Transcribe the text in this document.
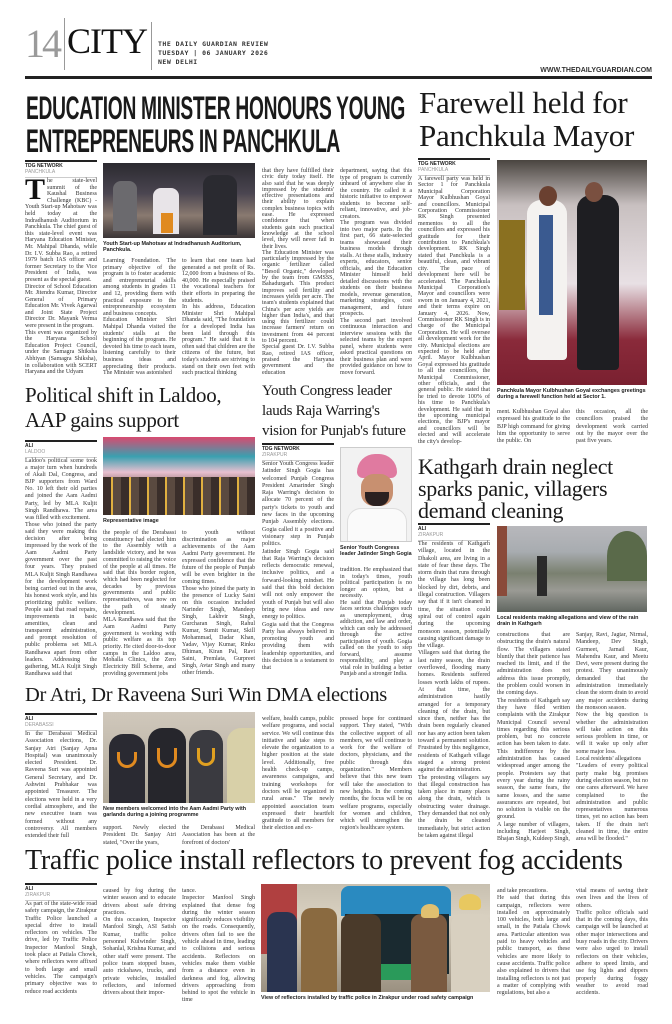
14 CITY THE DAILY GUARDIAN REVIEW
TUESDAY | 06 JANUARY 2026
NEW DELHI
WWW.THEDAILYGUARDIAN.COM
EDUCATION MINISTER HONOURS YOUNG
ENTREPRENEURS IN PANCHKULA
TDG NETWORK
PANCHKULA
The state-level summit of the Kaushal Business Challenge (KBC) - Youth Start-up Mahotsav was held today at the Indradhanush Auditorium in Panchkula. The chief guest of this state-level event was Haryana Education Minister, Mr. Mahipal Dhanda, while Dr. I.V. Subba Rao, a retired 1979 batch IAS officer and former Secretary to the Vice President of India, was present as the special guest.
Director of School Education Mr. Jitendra Kumar, Director General of Primary Education Mr. Vivek Agarwal and Joint State Project Director Dr. Mayank Verma were present in the program.
This event was organized by the Haryana School Education Project Council, under the Samagra Shiksha Abhiyan (Samagra Shiksha), in collaboration with SCERT Haryana and the Udyam
Youth Start-up Mahotsav at Indradhanush Auditorium, Panchkula.
Learning Foundation. The primary objective of the program is to foster academic and entrepreneurial skills among students in grades 11 and 12, providing them with practical exposure to the entrepreneurship ecosystem and business concepts.
Education Minister Shri Mahipal Dhanda visited the students' stalls at the beginning of the program. He devoted his time to each team, listening carefully to their business ideas and appreciating their products. The Minister was astonished
to learn that one team had generated a net profit of Rs. 12,000 from a business of Rs. 40,000. He especially praised the vocational teachers for their efforts in preparing the students.
In his address, Education Minister Shri Mahipal Dhanda said, "The foundation for a developed India has been laid through this program." He said that it is often said that children are the citizens of the future, but today's students are striving to stand on their own feet with such practical thinking
that they have fulfilled their civic duty today itself. He also said that he was deeply impressed by the students' effective presentations and their ability to explain complex business topics with ease. He expressed confidence that when students gain such practical knowledge at the school level, they will never fail in their lives.
The Education Minister was particularly impressed by the organic fertilizer called "Besoil Organic," developed by the team from GMSSS, Bahadurgarh. This product improves soil fertility and increases yields per acre. The team's students explained that China's per acre yields are higher than India's, and that using this fertilizer could increase farmers' return on investment from 44 percent to 104 percent.
Special guest Dr. I.V. Subba Rao, retired IAS officer, praised the Haryana government and the education
department, saying that this type of program is currently unheard of anywhere else in the country. He called it a historic initiative to empower students to become self-reliant, innovative, and job-creators.
The program was divided into two major parts. In the first part, 66 state-selected teams showcased their business models through stalls. At these stalls, industry experts, educators, senior officials, and the Education Minister himself held detailed discussions with the students on their business models, revenue generation, marketing strategies, cost management, and future prospects.
The second part involved continuous interaction and interview sessions with the selected teams by the expert panel, where students were asked practical questions on their business plan and were provided guidance on how to move forward.
Farewell held for
Panchkula Mayor
TDG NETWORK
PANCHKULA
A farewell party was held in Sector 1 for Panchkula Municipal Corporation Mayor Kulbhushan Goyal and councillors. Municipal Corporation Commissioner RK Singh presented mementos to all the councillors and expressed his gratitude for their contribution to Panchkula's development. RK Singh stated that Panchkula is a beautiful, clean, and vibrant city. The pace of development here will be accelerated. The Panchkula Municipal Corporation's Mayor and councillors were sworn in on January 4, 2021, and their terms expire on January 4, 2026. Now, Commissioner RK Singh is in charge of the Municipal Corporation. He will oversee all development work for the city. Municipal elections are expected to be held after April. Mayor Kulbhushan Goyal expressed his gratitude to all the councillors, the Municipal Commissioner, other officials, and the general public. He stated that he tried to devote 100% of his time to Panchkula's development. He said that in the upcoming municipal elections, the BJP's mayor and councillors will be elected and will accelerate the city's develop-
Panchkula Mayor Kulbhushan Goyal exchanges greetings during a farewell function held at Sector 1.
ment. Kulbhushan Goyal also expressed his gratitude to the BJP high command for giving him the opportunity to serve the public. On
this occasion, all the councillors praised the development work carried out by the mayor over the past five years.
Political shift in Laldoo,
AAP gains support
ALI
LALDOO
Laldoo's political scene took a major turn when hundreds of Akali Dal, Congress, and BJP supporters from Ward No. 10 left their old parties and joined the Aam Aadmi Party, led by MLA Kuljit Singh Randhawa. The area was filled with excitement.
Those who joined the party said they were making this decision after being impressed by the work of the Aam Aadmi Party government over the past four years. They praised MLA Kuljit Singh Randhawa for the development work being carried out in the area, his honest work style, and his prioritizing public welfare. People said that road repairs, improvements in basic amenities, clean and transparent administration, and prompt resolution of public problems set MLA Randhawa apart from other leaders. Addressing the gathering, MLA Kuljit Singh Randhawa said that
Representative image
the people of the Derabassi constituency had elected him to the Assembly with a landslide victory, and he was committed to raising the voice of the people at all times. He said that this border region, which had been neglected for decades by previous governments and public representatives, was now on the path of steady development.
MLA Randhawa said that the Aam Aadmi Party government is working with public welfare as its top priority. He cited door-to-door camps in the Laldoo area, Mohalla Clinics, the Zero Electricity Bill Scheme, and providing government jobs
to youth without discrimination as major achievements of the Aam Aadmi Party government. He expressed confidence that the future of the people of Punjab will be even brighter in the coming times.
Those who joined the party in the presence of Lucky Saini on this occasion included Narinder Singh, Mandeep Singh, Lakhvir Singh, Gurcharan Singh, Rahul Kumar, Sumit Kumar, Skill Mohammad, Dadar Khan, Yadav, Vijay Kumar, Rinku Dhiman, Kiran Pal, Ravi Saini, Premlata, Gurpreet Singh, Avtar Singh and many other friends.
Youth Congress leader
lauds Raja Warring's
vision for Punjab's future
TDG NETWORK
ZIRAKPUR
Senior Youth Congress leader Jatinder Singh Gogia has welcomed Punjab Congress President Amarinder Singh Raja Warring's decision to allocate 70 percent of the party's tickets to youth and new faces in the upcoming Punjab Assembly elections. Gogia called it a positive and visionary step in Punjab politics.
Jatinder Singh Gogia said that Raja Warring's decision reflects democratic renewal, inclusive politics, and a forward-looking mindset. He said that this bold decision will not only empower the youth of Punjab but will also bring new ideas and new energy to politics.
Gogia said that the Congress Party has always believed in promoting youth and providing them with leadership opportunities, and this decision is a testament to that
Senior Youth Congress leader Jatinder Singh Gogia
tradition. He emphasized that in today's times, youth political participation is no longer an option, but a necessity.
He said that Punjab today faces serious challenges such as unemployment, drug addiction, and law and order, which can only be addressed through the active participation of youth. Gogia called on the youth to step forward, assume responsibility, and play a vital role in building a better Punjab and a stronger India.
Kathgarh drain neglect
sparks panic, villagers
demand cleaning
ALI
ZIRAKPUR
The residents of Kathgarh village, located in the Dhakoli area, are living in a state of fear these days. The storm drain that runs through the village has long been blocked by dirt, debris, and illegal construction. Villagers say that if it isn't cleaned in time, the situation could spiral out of control again during the upcoming monsoon season, potentially causing significant damage to the village.
Villagers said that during the last rainy season, the drain overflowed, flooding many homes. Residents suffered losses worth lakhs of rupees. At that time, the administration hastily arranged for a temporary cleaning of the drain, but since then, neither has the drain been regularly cleaned nor has any action been taken toward a permanent solution. Frustrated by this negligence, residents of Kathgarh village staged a strong protest against the administration.
The protesting villagers say that illegal construction has taken place in many places along the drain, which is obstructing water drainage. They demanded that not only the drain be cleaned immediately, but strict action be taken against illegal
Local residents making allegations and view of the rain drain in Kathgarh
constructions that are obstructing the drain's natural flow. The villagers stated bluntly that their patience has reached its limit, and if the administration does not address this issue promptly, the problem could worsen in the coming days.
The residents of Kathgarh say they have filed written complaints with the Zirakpur Municipal Council several times regarding this serious problem, but no concrete action has been taken to date. This indifference by the administration has caused widespread anger among the people. Protesters say that every year during the rainy season, the same fears, the same losses, and the same assurances are repeated, but no solution is visible on the ground.
A large number of villagers, including Harjeet Singh, Bhajan Singh, Kuldeep Singh,
Sanjay, Ravi, Jagtar, Nirmal, Mandeep, Dev Singh, Gurmeet, Jarnail Kaur, Mahendra Kaur, and Meetu Devi, were present during the protest. They unanimously demanded that the administration immediately clean the storm drain to avoid any major accidents during the monsoon season.
Now the big question is whether the administration will take action on this serious problem in time, or will it wake up only after some major loss.
Local residents' allegations
"Leaders of every political party make big promises during election season, but no one cares afterward. We have complained to the administration and public representatives numerous times, yet no action has been taken. If the drain isn't cleaned in time, the entire area will be flooded."
Dr Atri, Dr Raveena Suri Win DMA elections
ALI
DERABASSI
In the Derabassi Medical Association elections, Dr. Sanjay Atri (Sanjay Apna Hospital) was unanimously elected President. Dr. Raveena Suri was appointed General Secretary, and Dr. Ashwini Prabhakar was appointed Treasurer. The elections were held in a very cordial atmosphere, and the new executive team was formed without any controversy. All members extended their full
New members welcomed into the Aam Aadmi Party with garlands during a joining programme
support. Newly elected President Dr. Sanjay Atri stated, "Over the years,
the Derabassi Medical Association has been at the forefront of doctors'
welfare, health camps, public welfare programs, and social service. We will continue this initiative and take steps to elevate the organization to a higher position at the state level. Additionally, free health check-up camps, awareness campaigns, and training workshops for doctors will be organized in rural areas." The newly appointed association team expressed their heartfelt gratitude to all members for their election and ex-
pressed hope for continued support. They stated, "With the collective support of all members, we will continue to work for the welfare of doctors, physicians, and the public through this organization." Members believe that this new team will take the association to new heights. In the coming months, the focus will be on welfare programs, especially for women and children, which will strengthen the region's healthcare system.
Traffic police install reflectors to prevent fog accidents
ALI
ZIRAKPUR
As part of the state-wide road safety campaign, the Zirakpur Traffic Police launched a special drive to install reflectors on vehicles. The drive, led by Traffic Police Inspector Manfool Singh, took place at Patiala Chowk, where reflectors were affixed to both large and small vehicles. The campaign's primary objective was to reduce road accidents
caused by fog during the winter season and to educate drivers about safe driving practices.
On this occasion, Inspector Manfool Singh, ASI Satish Kumar, traffic police personnel Kulwinder Singh, Sohanlal, Krishna Kumar, and other staff were present. The police team stopped buses, auto rickshaws, trucks, and private vehicles, installed reflectors, and informed drivers about their impor-
tance.
Inspector Manfool Singh explained that dense fog during the winter season significantly reduces visibility on the roads. Consequently, drivers often fail to see the vehicle ahead in time, leading to collisions and serious accidents. Reflectors on vehicles make them visible from a distance even in darkness and fog, allowing drivers approaching from behind to spot the vehicle in time	View of reflectors installed by traffic police in Zirakpur under road safety campaign
and take precautions.
He said that during this campaign, reflectors were installed on approximately 100 vehicles, both large and small, in the Patiala Chowk area. Particular attention was paid to heavy vehicles and public transport, as these vehicles are more likely to cause accidents. Traffic police also explained to drivers that installing reflectors is not just a matter of complying with regulations, but also a
vital means of saving their own lives and the lives of others.
Traffic police officials said that in the coming days, this campaign will be launched at other major intersections and busy roads in the city. Drivers were also urged to install reflectors on their vehicles, adhere to speed limits, and use fog lights and dippers properly during foggy weather to avoid road accidents.
